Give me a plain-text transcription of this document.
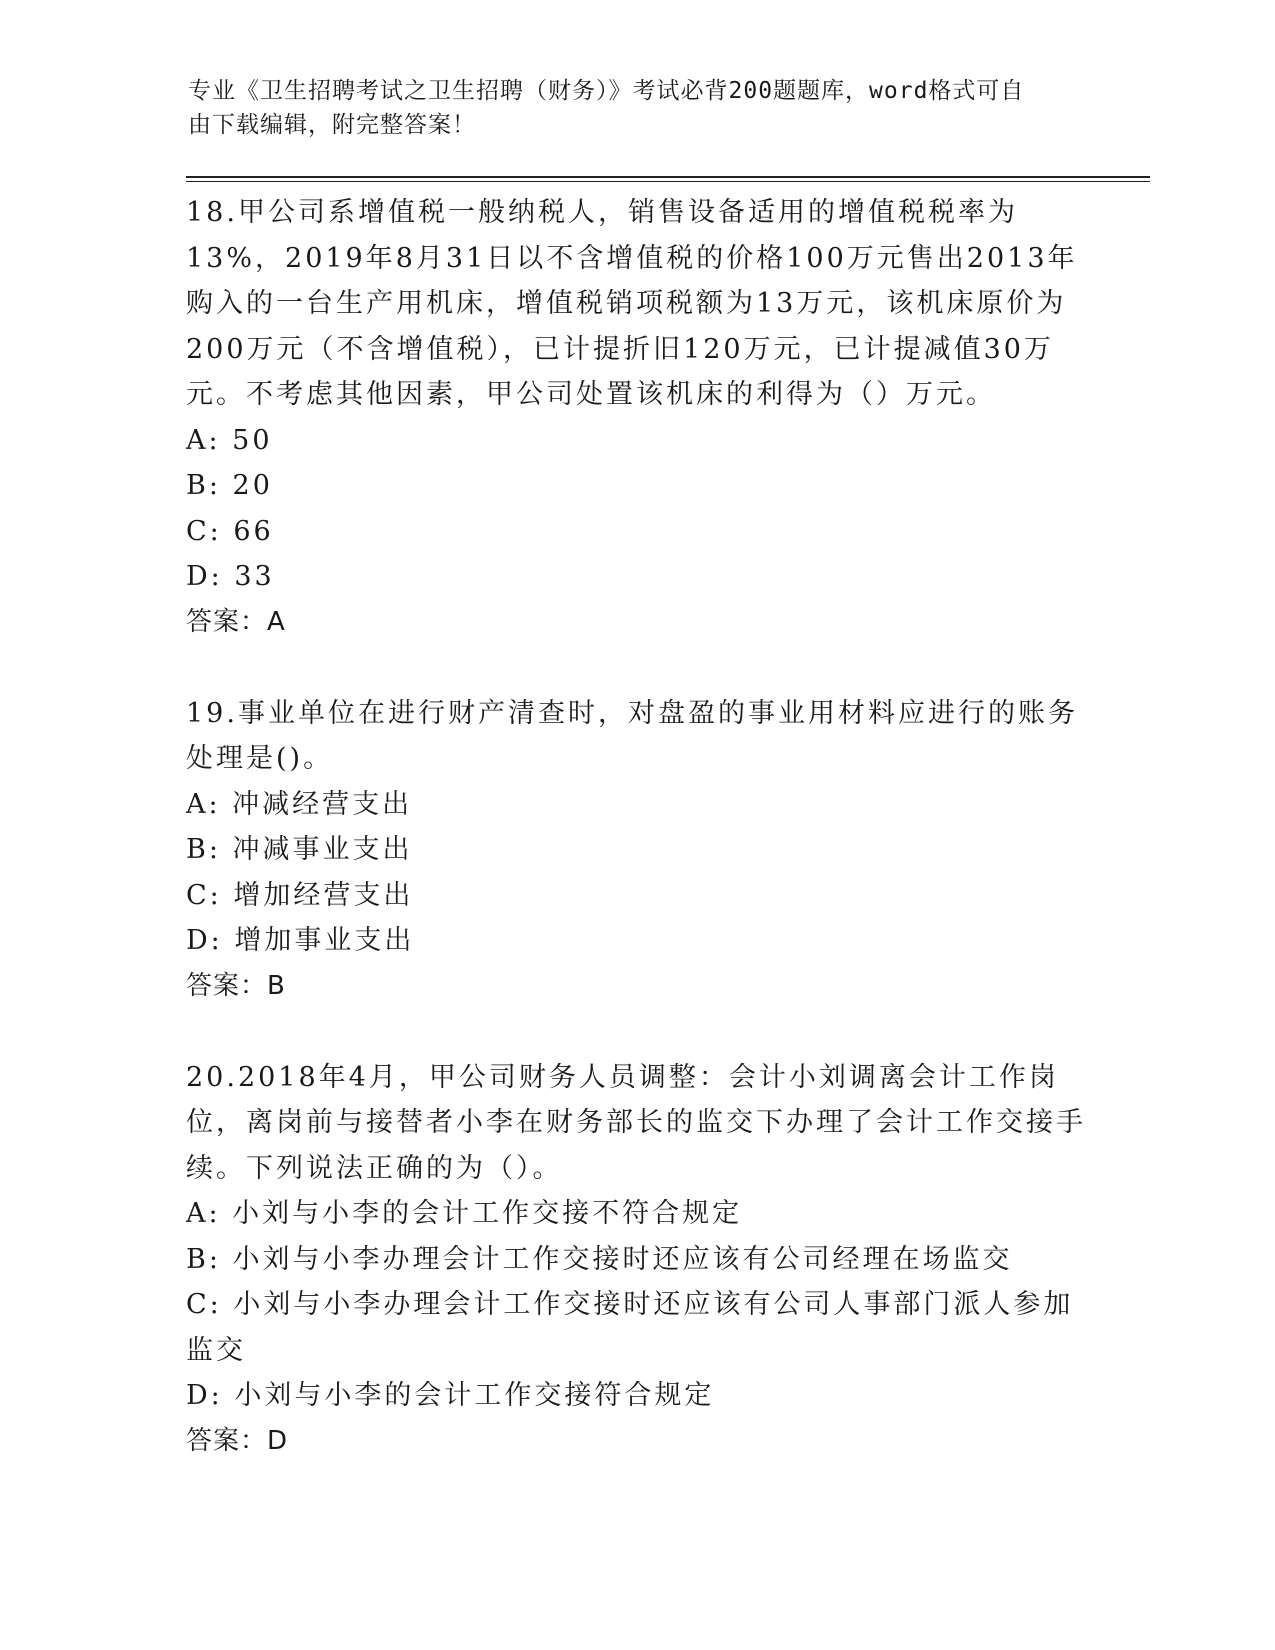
专业《卫生招聘考试之卫生招聘（财务）》考试必背200题题库，word格式可自
由下载编辑，附完整答案！

18.甲公司系增值税一般纳税人，销售设备适用的增值税税率为13%，2019年8月31日以不含增值税的价格100万元售出2013年购入的一台生产用机床，增值税销项税额为13万元，该机床原价为200万元（不含增值税），已计提折旧120万元，已计提减值30万元。不考虑其他因素，甲公司处置该机床的利得为（）万元。

A: 50

B: 20

C: 66

D: 33

答案：A

19.事业单位在进行财产清查时，对盘盈的事业用材料应进行的账务处理是()。

A: 冲减经营支出

B: 冲减事业支出

C: 增加经营支出

D: 增加事业支出

答案：B

20.2018年4月，甲公司财务人员调整：会计小刘调离会计工作岗位，离岗前与接替者小李在财务部长的监交下办理了会计工作交接手续。下列说法正确的为（）。

A: 小刘与小李的会计工作交接不符合规定

B: 小刘与小李办理会计工作交接时还应该有公司经理在场监交

C: 小刘与小李办理会计工作交接时还应该有公司人事部门派人参加监交

D: 小刘与小李的会计工作交接符合规定

答案：D
